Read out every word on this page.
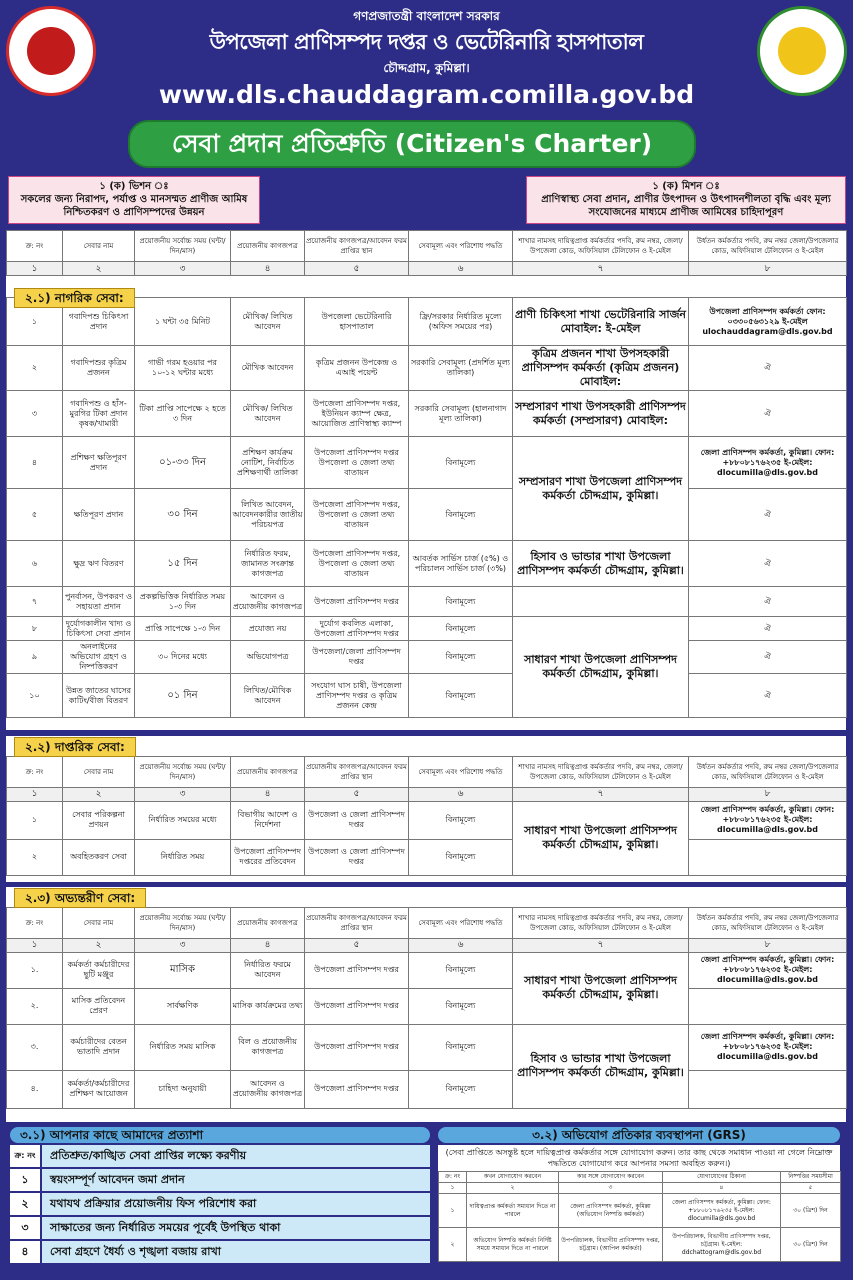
গণপ্রজাতন্ত্রী বাংলাদেশ সরকার
উপজেলা প্রাণিসম্পদ দপ্তর ও ভেটেরিনারি হাসপাতাল
চৌদ্দগ্রাম, কুমিল্লা।
www.dls.chauddagram.comilla.gov.bd
সেবা প্রদান প্রতিশ্রুতি (Citizen's Charter)
১ (ক) ভিশন ঃ
সকলের জন্য নিরাপদ, পর্যাপ্ত ও মানসম্মত প্রাণীজ আমিষ নিশ্চিতকরণ ও প্রাণিসম্পদের উন্নয়ন
১ (ক) মিশন ঃ
প্রাণিস্বাস্থ্য সেবা প্রদান, প্রাণীর উৎপাদন ও উৎপাদনশীলতা বৃদ্ধি এবং মূল্য সংযোজনের মাধ্যমে প্রাণীজ আমিষের চাহিদাপূরণ
ক্র: নং	সেবার নাম	প্রয়োজনীয় সর্বোচ্চ সময় (ঘন্টা/দিন/মাস)	প্রয়োজনীয় কাগজপত্র	প্রয়োজনীয় কাগজপত্র/আবেদন ফরম প্রাপ্তির স্থান	সেবামূল্য এবং পরিশোধ পদ্ধতি	শাখার নামসহ দায়িত্বপ্রাপ্ত কর্মকর্তার পদবি, রুম নম্বর, জেলা/উপজেলা কোড, অফিসিয়াল টেলিফোন ও ই-মেইল	উর্ধতন কর্মকর্তার পদবি, রুম নম্বর জেলা/উপজেলার কোড, অফিসিয়াল টেলিফোন ও ই-মেইল
১	২	৩	৪	৫	৬	৭	৮

১	গবাদিপশু চিকিৎসা প্রদান	১ ঘন্টা ৩৫ মিনিট	মৌখিক/ লিখিত আবেদন	উপজেলা ভেটেরিনারি হাসপাতাল	ফ্রি/সরকার নির্ধারিত মূল্যে (অফিস সময়ের পর)	প্রাণী চিকিৎসা শাখা ভেটেরিনারি সার্জন মোবাইল: ই-মেইল	উপজেলা প্রাণিসম্পদ কর্মকর্তা ফোন: ০৩৩০৫৬৩১২৯ ই-মেইল ulochauddagram@dls.gov.bd
২	গবাদিপশুর কৃত্রিম প্রজনন	গাভী গরম হওয়ার পর ১০-১২ ঘন্টার মধ্যে	মৌখিক আবেদন	কৃত্রিম প্রজনন উপকেন্দ্র ও এআই পয়েন্ট	সরকারি সেবামূল্য (প্রদর্শিত মূল্য তালিকা)	কৃত্রিম প্রজনন শাখা উপসহকারী প্রাণিসম্পদ কর্মকর্তা (কৃত্রিম প্রজনন) মোবাইল:	ঐ
৩	গবাদিপশু ও হাঁস-মুরগির টিকা প্রদান কৃষক/খামারী	টিকা প্রাপ্তি সাপেক্ষে ২ হতে ৩ দিন	মৌখিক/ লিখিত আবেদন	উপজেলা প্রাণিসম্পদ দপ্তর, ইউনিয়ন ক্যাম্প ক্ষেত্র, আয়োজিত প্রাণিস্বাস্থ্য ক্যাম্প	সরকারি সেবামূল্য (হালনাগাদ মূল্য তালিকা)	সম্প্রসারণ শাখা উপসহকারী প্রাণিসম্পদ কর্মকর্তা (সম্প্রসারণ) মোবাইল:	ঐ
৪	প্রশিক্ষণ ক্ষতিপূরণ প্রদান	০১-৩৩ দিন	প্রশিক্ষণ কার্যক্রম নোটিশ, নির্বাচিত প্রশিক্ষণার্থী তালিকা	উপজেলা প্রাণিসম্পদ দপ্তর উপজেলা ও জেলা তথ্য বাতায়ন	বিনামূল্যে	সম্প্রসারণ শাখা উপজেলা প্রাণিসম্পদ কর্মকর্তা চৌদ্দগ্রাম, কুমিল্লা।	জেলা প্রাণিসম্পদ কর্মকর্তা, কুমিল্লা। ফোন: +৮৮০৮১৭৬২৩৫ ই-মেইল: dlocumilla@dls.gov.bd
৫	ক্ষতিপূরণ প্রদান	৩০ দিন	লিখিত আবেদন, আবেদনকারীর জাতীয় পরিচয়পত্র	উপজেলা প্রাণিসম্পদ দপ্তর, উপজেলা ও জেলা তথ্য বাতায়ন	বিনামূল্যে		ঐ
৬	ক্ষুদ্র ঋণ বিতরণ	১৫ দিন	নির্ধারিত ফরম, জামানত সংক্রান্ত কাগজপত্র	উপজেলা প্রাণিসম্পদ দপ্তর, উপজেলা ও জেলা তথ্য বাতায়ন	আবর্তক সার্ভিস চার্জ (৫%) ও পরিচালন সার্ভিস চার্জ (৩%)	হিসাব ও ভান্ডার শাখা উপজেলা প্রাণিসম্পদ কর্মকর্তা চৌদ্দগ্রাম, কুমিল্লা।	ঐ
৭	পুনর্বাসন, উপকরণ ও সহায়তা প্রদান	প্রকল্পভিত্তিক নির্ধারিত সময় ১-৩ দিন	আবেদন ও প্রয়োজনীয় কাগজপত্র	উপজেলা প্রাণিসম্পদ দপ্তর	বিনামূল্যে		ঐ
৮	দুর্যোগকালীন খাদ্য ও চিকিৎসা সেবা প্রদান	প্রাপ্তি সাপেক্ষে ১-৩ দিন	প্রযোজ্য নয়	দুর্যোগ কবলিত এলাকা, উপজেলা প্রাণিসম্পদ দপ্তর	বিনামূল্যে	সাধারণ শাখা উপজেলা প্রাণিসম্পদ কর্মকর্তা চৌদ্দগ্রাম, কুমিল্লা।	ঐ
৯	অনলাইনের অভিযোগ গ্রহণ ও নিষ্পত্তিকরণ	৩০ দিনের মধ্যে	অভিযোগপত্র	উপজেলা/জেলা প্রাণিসম্পদ দপ্তর	বিনামূল্যে		ঐ
১০	উন্নত জাতের ঘাসের কাটিং/বীজ বিতরণ	০১ দিন	লিখিত/মৌখিক আবেদন	সংযোগ ঘাস চাষী, উপজেলা প্রাণিসম্পদ দপ্তর ও কৃত্রিম প্রজনন কেন্দ্র	বিনামূল্যে		ঐ
২.১) নাগরিক সেবা:

ক্র: নং	সেবার নাম	প্রয়োজনীয় সর্বোচ্চ সময় (ঘন্টা/দিন/মাস)	প্রয়োজনীয় কাগজপত্র	প্রয়োজনীয় কাগজপত্র/আবেদন ফরম প্রাপ্তির স্থান	সেবামূল্য এবং পরিশোধ পদ্ধতি	শাখার নামসহ দায়িত্বপ্রাপ্ত কর্মকর্তার পদবি, রুম নম্বর, জেলা/উপজেলা কোড, অফিসিয়াল টেলিফোন ও ই-মেইল	উর্ধতন কর্মকর্তার পদবি, রুম নম্বর জেলা/উপজেলার কোড, অফিসিয়াল টেলিফোন ও ই-মেইল
১	২	৩	৪	৫	৬	৭	৮
১	সেবার পরিকল্পনা প্রণয়ন	নির্ধারিত সময়ের মধ্যে	বিভাগীয় আদেশ ও নির্দেশনা	উপজেলা ও জেলা প্রাণিসম্পদ দপ্তর	বিনামূল্যে	সাধারণ শাখা উপজেলা প্রাণিসম্পদ কর্মকর্তা চৌদ্দগ্রাম, কুমিল্লা।	জেলা প্রাণিসম্পদ কর্মকর্তা, কুমিল্লা। ফোন: +৮৮০৮১৭৬২৩৫ ই-মেইল: dlocumilla@dls.gov.bd
২	অবহিতকরণ সেবা	নির্ধারিত সময়	উপজেলা প্রাণিসম্পদ দপ্তরের প্রতিবেদন	উপজেলা ও জেলা প্রাণিসম্পদ দপ্তর	বিনামূল্যে		
২.২) দাপ্তরিক সেবা:

ক্র: নং	সেবার নাম	প্রয়োজনীয় সর্বোচ্চ সময় (ঘন্টা/দিন/মাস)	প্রয়োজনীয় কাগজপত্র	প্রয়োজনীয় কাগজপত্র/আবেদন ফরম প্রাপ্তির স্থান	সেবামূল্য এবং পরিশোধ পদ্ধতি	শাখার নামসহ দায়িত্বপ্রাপ্ত কর্মকর্তার পদবি, রুম নম্বর, জেলা/উপজেলা কোড, অফিসিয়াল টেলিফোন ও ই-মেইল	উর্ধতন কর্মকর্তার পদবি, রুম নম্বর জেলা/উপজেলার কোড, অফিসিয়াল টেলিফোন ও ই-মেইল
১	২	৩	৪	৫	৬	৭	৮
১.	কর্মকর্তা কর্মচারীদের ছুটি মঞ্জুর	মাসিক	নির্ধারিত ফরমে আবেদন	উপজেলা প্রাণিসম্পদ দপ্তর	বিনামূল্যে	সাধারণ শাখা উপজেলা প্রাণিসম্পদ কর্মকর্তা চৌদ্দগ্রাম, কুমিল্লা।	জেলা প্রাণিসম্পদ কর্মকর্তা, কুমিল্লা। ফোন: +৮৮০৮১৭৬২৩৫ ই-মেইল: dlocumilla@dls.gov.bd
২.	মাসিক প্রতিবেদন প্রেরণ	সার্বক্ষণিক	মাসিক কার্যক্রমের তথ্য	উপজেলা প্রাণিসম্পদ দপ্তর	বিনামূল্যে		
৩.	কর্মচারীদের বেতন ভাতাদি প্রদান	নির্ধারিত সময় মাসিক	বিল ও প্রয়োজনীয় কাগজপত্র	উপজেলা প্রাণিসম্পদ দপ্তর	বিনামূল্যে	হিসাব ও ভান্ডার শাখা উপজেলা প্রাণিসম্পদ কর্মকর্তা চৌদ্দগ্রাম, কুমিল্লা।	জেলা প্রাণিসম্পদ কর্মকর্তা, কুমিল্লা। ফোন: +৮৮০৮১৭৬২৩৫ ই-মেইল: dlocumilla@dls.gov.bd
৪.	কর্মকর্তা/কর্মচারীদের প্রশিক্ষণ আয়োজন	চাহিদা অনুযায়ী	আবেদন ও প্রয়োজনীয় কাগজপত্র	উপজেলা প্রাণিসম্পদ দপ্তর	বিনামূল্যে		
২.৩) অভ্যন্তরীণ সেবা:
৩.১) আপনার কাছে আমাদের প্রত্যাশা
ক্র: নং	প্রতিশ্রুত/কাঙ্খিত সেবা প্রাপ্তির লক্ষ্যে করণীয়
১	স্বয়ংসম্পূর্ণ আবেদন জমা প্রদান
২	যথাযথ প্রক্রিয়ার প্রয়োজনীয় ফিস পরিশোধ করা
৩	সাক্ষাতের জন্য নির্ধারিত সময়ের পূর্বেই উপস্থিত থাকা
৪	সেবা গ্রহণে ধৈর্য্য ও শৃঙ্খলা বজায় রাখা
৩.২) অভিযোগ প্রতিকার ব্যবস্থাপনা (GRS)
(সেবা প্রাপ্তিতে অসন্তুষ্ট হলে দায়িত্বপ্রাপ্ত কর্মকর্তার সঙ্গে যোগাযোগ করুন। তার কাছ থেকে সমাধান পাওয়া না গেলে নিম্নোক্ত পদ্ধতিতে যোগাযোগ করে আপনার সমস্যা অবহিত করুন।)
ক্র: নং	কখন যোগাযোগ করবেন	কার সঙ্গে যোগাযোগ করবেন	যোগাযোগের ঠিকানা	নিষ্পত্তির সময়সীমা
১	২	৩	৪	৫
১	দায়িত্বপ্রাপ্ত কর্মকর্তা সমাধান দিতে না পারলে	জেলা প্রাণিসম্পদ কর্মকর্তা, কুমিল্লা (অভিযোগ নিষ্পত্তি কর্মকর্তা)	জেলা প্রাণিসম্পদ কর্মকর্তা, কুমিল্লা। ফোন: +৮৮০৮১৭৬২৩৫ ই-মেইল: dlocumilla@dls.gov.bd	৩০ (ত্রিশ) দিন
২	অভিযোগ নিষ্পত্তি কর্মকর্তা নির্দিষ্ট সময়ে সমাধান দিতে না পারলে	উপপরিচালক, বিভাগীয় প্রাণিসম্পদ দপ্তর, চট্টগ্রাম। (আপিল কর্মকর্তা)	উপপরিচালক, বিভাগীয় প্রাণিসম্পদ দপ্তর, চট্টগ্রাম। ই-মেইল: ddchattogram@dls.gov.bd	৩০ (ত্রিশ) দিন
